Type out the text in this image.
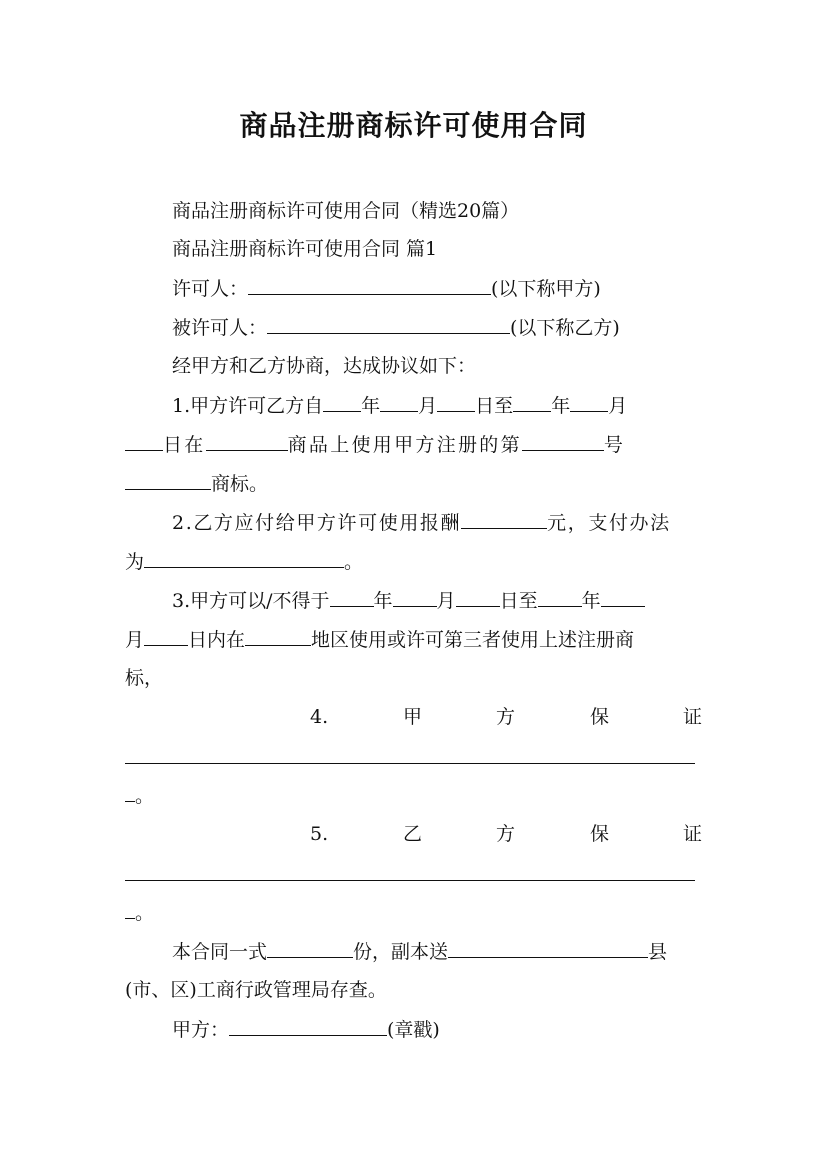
商品注册商标许可使用合同
商品注册商标许可使用合同（精选20篇）
商品注册商标许可使用合同 篇1
许可人：	(以下称甲方)
被许可人：	(以下称乙方)
经甲方和乙方协商，达成协议如下：
1.甲方许可乙方自 年 月 日至 年 月
日在	商品上使用甲方注册的第	号
商标。
2.乙方应付给甲方许可使用报酬	元，支付办法
为	。
3.甲方可以/不得于 年 月 日至 年
月 日内在	地区使用或许可第三者使用上述注册商
标，
4.	甲	方	保	证
。
5.	乙	方	保	证
。
本合同一式	份，副本送	县
(市、区)工商行政管理局存查。
甲方：	(章戳)
